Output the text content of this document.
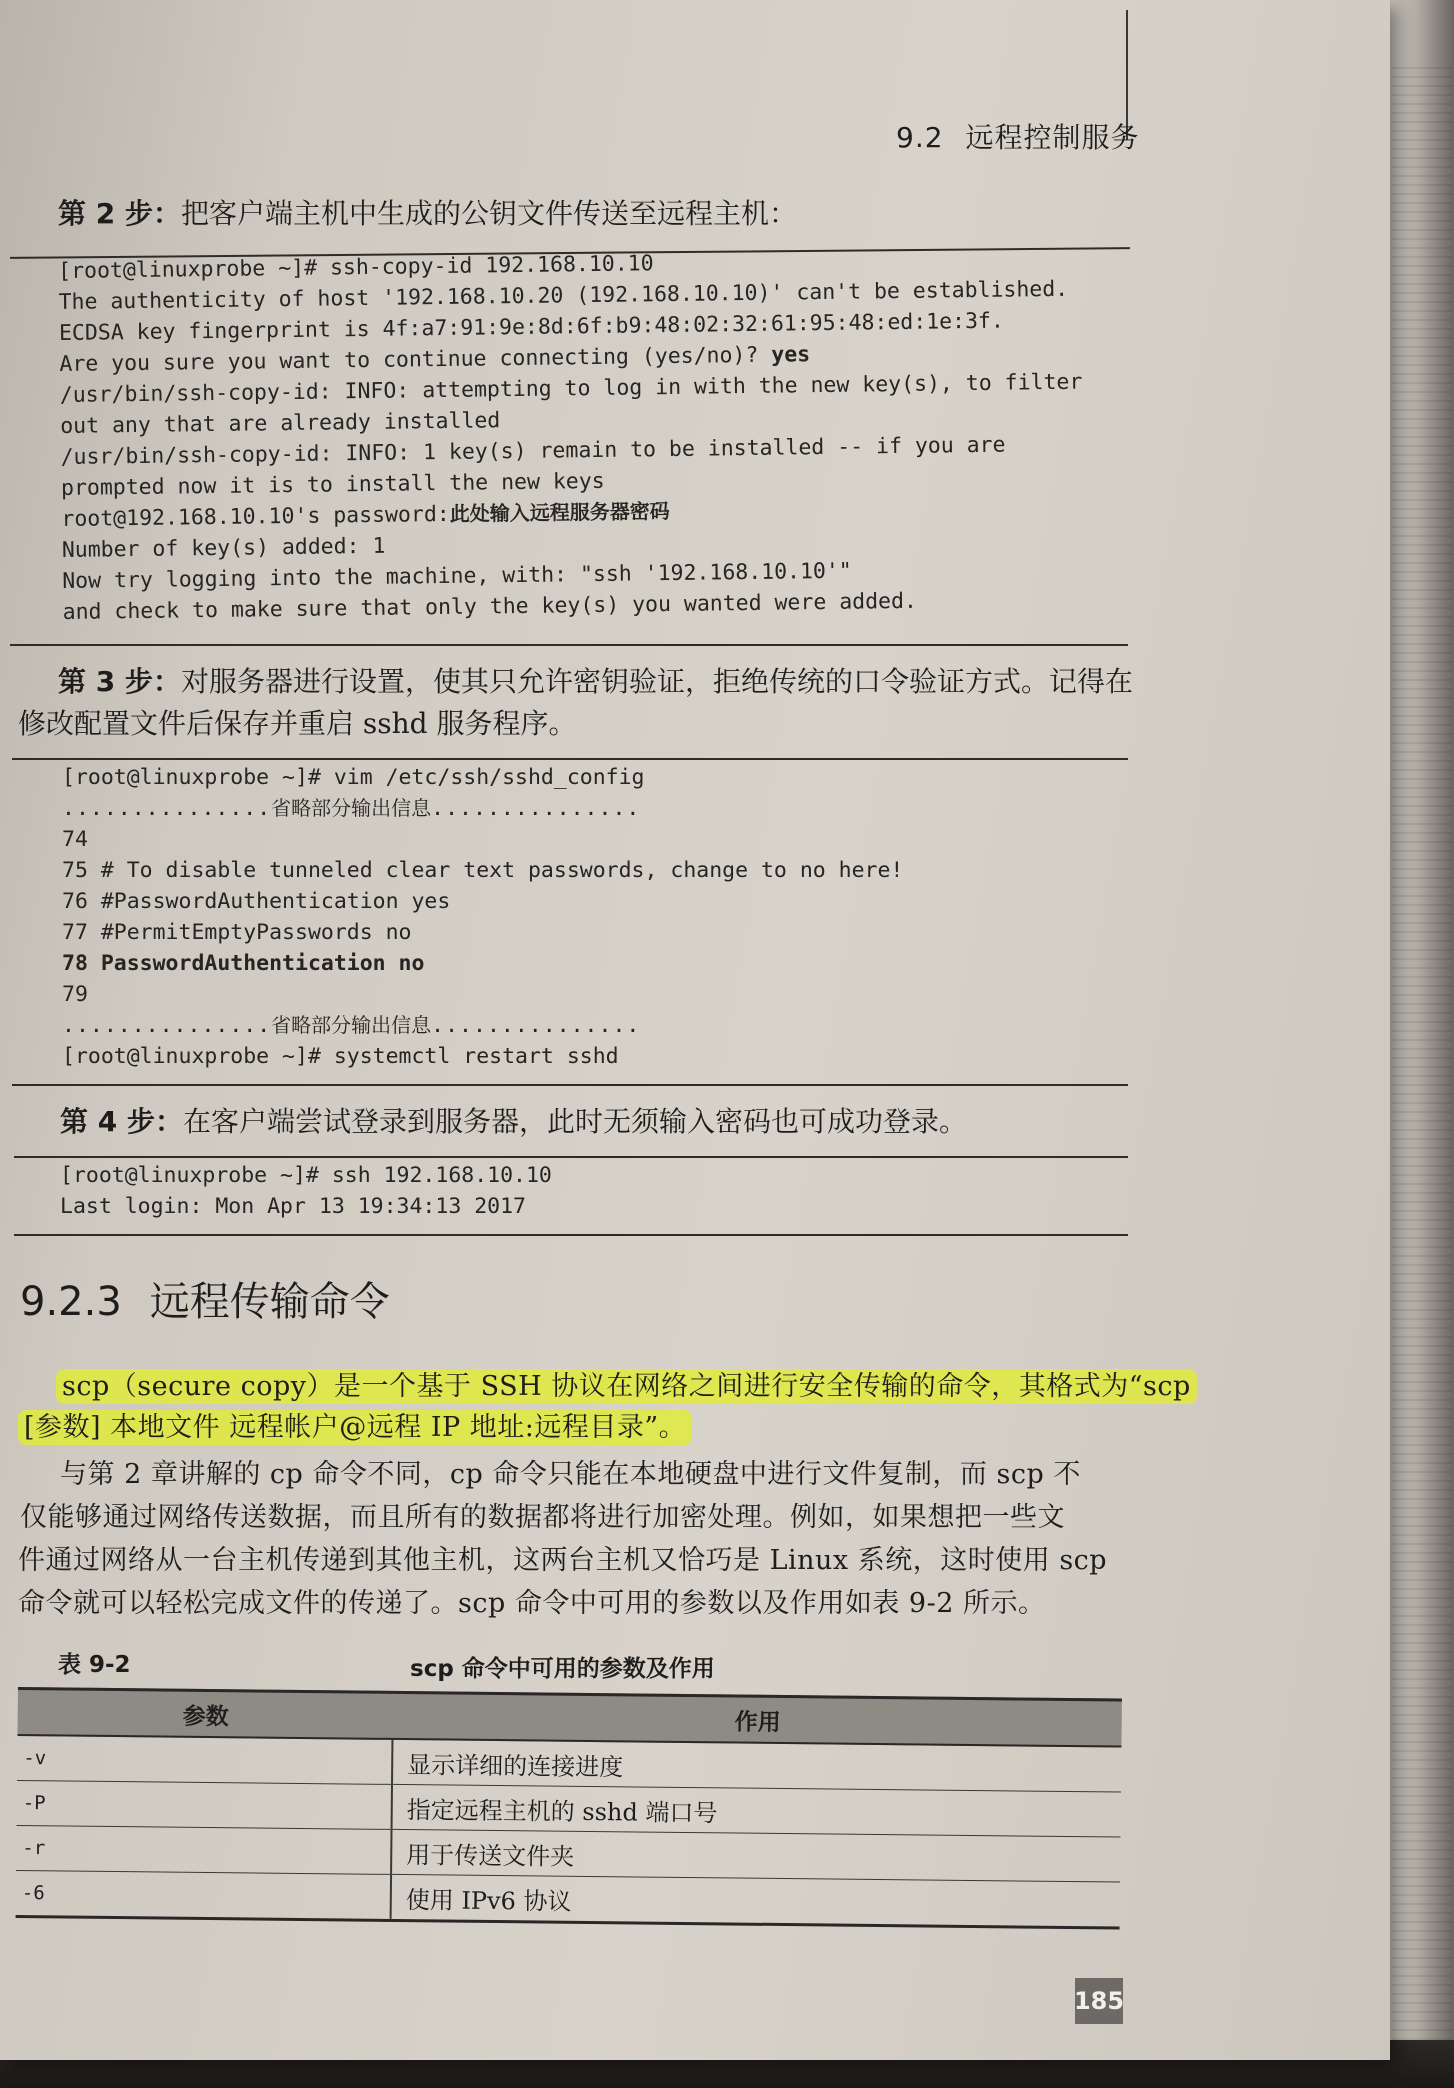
9.2 远程控制服务
第 2 步：把客户端主机中生成的公钥文件传送至远程主机：
[root@linuxprobe ~]# ssh-copy-id 192.168.10.10
The authenticity of host '192.168.10.20 (192.168.10.10)' can't be established.
ECDSA key fingerprint is 4f:a7:91:9e:8d:6f:b9:48:02:32:61:95:48:ed:1e:3f.
Are you sure you want to continue connecting (yes/no)? yes
/usr/bin/ssh-copy-id: INFO: attempting to log in with the new key(s), to filter
out any that are already installed
/usr/bin/ssh-copy-id: INFO: 1 key(s) remain to be installed -- if you are
prompted now it is to install the new keys
root@192.168.10.10's password:此处输入远程服务器密码
Number of key(s) added: 1
Now try logging into the machine, with: "ssh '192.168.10.10'"
and check to make sure that only the key(s) you wanted were added.
第 3 步：对服务器进行设置，使其只允许密钥验证，拒绝传统的口令验证方式。记得在
修改配置文件后保存并重启 sshd 服务程序。
[root@linuxprobe ~]# vim /etc/ssh/sshd_config
...............省略部分输出信息...............
74
75 # To disable tunneled clear text passwords, change to no here!
76 #PasswordAuthentication yes
77 #PermitEmptyPasswords no
78 PasswordAuthentication no
79
...............省略部分输出信息...............
[root@linuxprobe ~]# systemctl restart sshd
第 4 步：在客户端尝试登录到服务器，此时无须输入密码也可成功登录。
[root@linuxprobe ~]# ssh 192.168.10.10
Last login: Mon Apr 13 19:34:13 2017
9.2.3 远程传输命令
scp（secure copy）是一个基于 SSH 协议在网络之间进行安全传输的命令，其格式为“scp
[参数] 本地文件 远程帐户@远程 IP 地址:远程目录”。
与第 2 章讲解的 cp 命令不同，cp 命令只能在本地硬盘中进行文件复制，而 scp 不
仅能够通过网络传送数据，而且所有的数据都将进行加密处理。例如，如果想把一些文
件通过网络从一台主机传递到其他主机，这两台主机又恰巧是 Linux 系统，这时使用 scp
命令就可以轻松完成文件的传递了。scp 命令中可用的参数以及作用如表 9-2 所示。
表 9-2	scp 命令中可用的参数及作用
参数	作用
-v	显示详细的连接进度
-P	指定远程主机的 sshd 端口号
-r	用于传送文件夹
-6	使用 IPv6 协议
185
